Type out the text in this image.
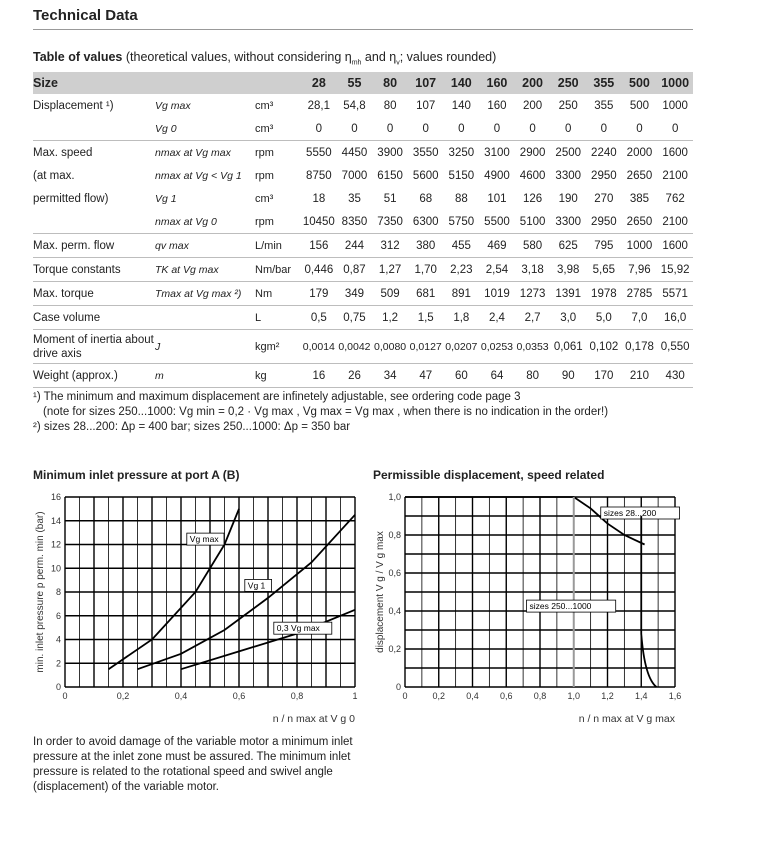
Technical Data
Table of values (theoretical values, without considering $\eta_{mh}$ and $\eta_v$; values rounded)
Size			28	55	80	107	140	160	200	250	355	500	1000
Displacement ¹)	Vg max	cm³	28,1	54,8	80	107	140	160	200	250	355	500	1000
	Vg 0	cm³	0	0	0	0	0	0	0	0	0	0	0
Max. speed	nmax at Vg max	rpm	5550	4450	3900	3550	3250	3100	2900	2500	2240	2000	1600
(at max.	nmax at Vg < Vg 1	rpm	8750	7000	6150	5600	5150	4900	4600	3300	2950	2650	2100
permitted flow)	Vg 1	cm³	18	35	51	68	88	101	126	190	270	385	762
	nmax at Vg 0	rpm	10450	8350	7350	6300	5750	5500	5100	3300	2950	2650	2100
Max. perm. flow	qv max	L/min	156	244	312	380	455	469	580	625	795	1000	1600
Torque constants	TK at Vg max	Nm/bar	0,446	0,87	1,27	1,70	2,23	2,54	3,18	3,98	5,65	7,96	15,92
Max. torque	Tmax at Vg max ²)	Nm	179	349	509	681	891	1019	1273	1391	1978	2785	5571
Case volume		L	0,5	0,75	1,2	1,5	1,8	2,4	2,7	3,0	5,0	7,0	16,0
Moment of inertia about drive axis	J	kgm²	0,0014	0,0042	0,0080	0,0127	0,0207	0,0253	0,0353	0,061	0,102	0,178	0,550
Weight (approx.)	m	kg	16	26	34	47	60	64	80	90	170	210	430
¹) The minimum and maximum displacement are infinetely adjustable, see ordering code page 3
(note for sizes 250...1000: Vg min = 0,2 · Vg max , Vg max = Vg max , when there is no indication in the order!)
²) sizes 28...200: Δp = 400 bar; sizes 250...1000: Δp = 350 bar
Minimum inlet pressure at port A (B)	Permissible displacement, speed related
0	0,2	0,4	0,6	0,8	1
0
2
4
6
8
10
12
14
16
Vg max
Vg 1
0,3 Vg max
n / n max at V g 0
min. inlet pressure p perm. min (bar)
0	0,2 0,4 0,6 0,8 1,0 1,2 1,4 1,6
0
0,2
0,4
0,6
0,8
1,0
sizes 28...200
sizes 250...1000
n / n max at V g max
displacement V g / V g max
In order to avoid damage of the variable motor a minimum inlet pressure at the inlet zone must be assured. The minimum inlet pressure is related to the rotational speed and swivel angle (displacement) of the variable motor.
